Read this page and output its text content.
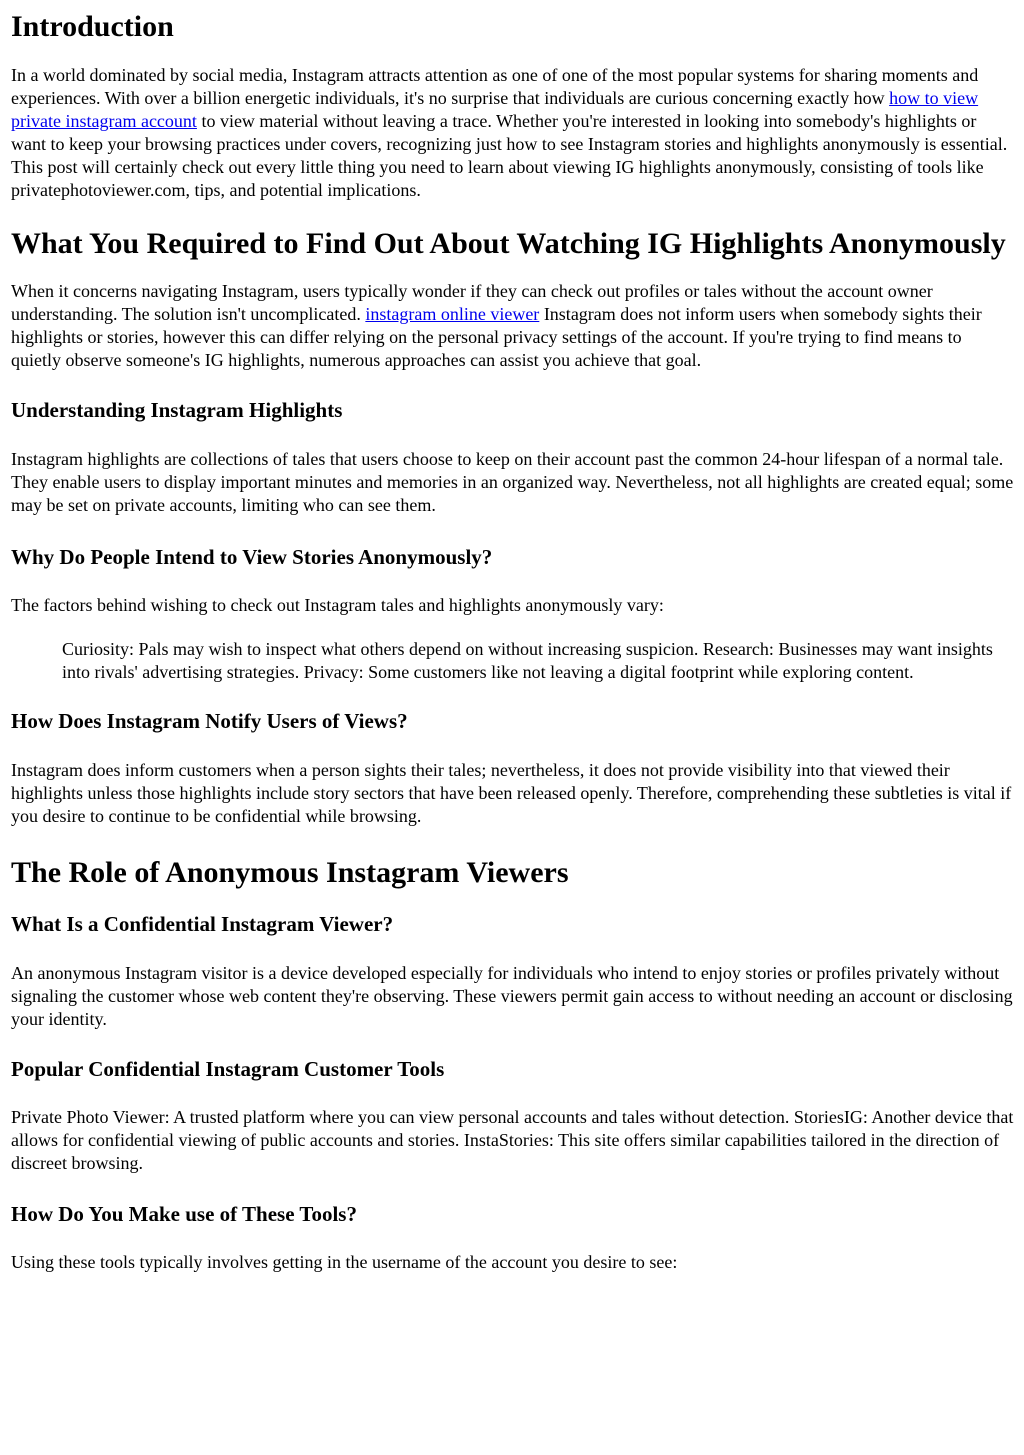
Introduction

In a world dominated by social media, Instagram attracts attention as one of one of the most popular systems for sharing moments and experiences. With over a billion energetic individuals, it's no surprise that individuals are curious concerning exactly how how to view private instagram account to view material without leaving a trace. Whether you're interested in looking into somebody's highlights or want to keep your browsing practices under covers, recognizing just how to see Instagram stories and highlights anonymously is essential. This post will certainly check out every little thing you need to learn about viewing IG highlights anonymously, consisting of tools like privatephotoviewer.com, tips, and potential implications.

What You Required to Find Out About Watching IG Highlights Anonymously

When it concerns navigating Instagram, users typically wonder if they can check out profiles or tales without the account owner understanding. The solution isn't uncomplicated. instagram online viewer Instagram does not inform users when somebody sights their highlights or stories, however this can differ relying on the personal privacy settings of the account. If you're trying to find means to quietly observe someone's IG highlights, numerous approaches can assist you achieve that goal.

Understanding Instagram Highlights

Instagram highlights are collections of tales that users choose to keep on their account past the common 24-hour lifespan of a normal tale. They enable users to display important minutes and memories in an organized way. Nevertheless, not all highlights are created equal; some may be set on private accounts, limiting who can see them.

Why Do People Intend to View Stories Anonymously?

The factors behind wishing to check out Instagram tales and highlights anonymously vary:

Curiosity: Pals may wish to inspect what others depend on without increasing suspicion. Research: Businesses may want insights into rivals' advertising strategies. Privacy: Some customers like not leaving a digital footprint while exploring content.
How Does Instagram Notify Users of Views?

Instagram does inform customers when a person sights their tales; nevertheless, it does not provide visibility into that viewed their highlights unless those highlights include story sectors that have been released openly. Therefore, comprehending these subtleties is vital if you desire to continue to be confidential while browsing.

The Role of Anonymous Instagram Viewers
What Is a Confidential Instagram Viewer?

An anonymous Instagram visitor is a device developed especially for individuals who intend to enjoy stories or profiles privately without signaling the customer whose web content they're observing. These viewers permit gain access to without needing an account or disclosing your identity.

Popular Confidential Instagram Customer Tools

Private Photo Viewer: A trusted platform where you can view personal accounts and tales without detection. StoriesIG: Another device that allows for confidential viewing of public accounts and stories. InstaStories: This site offers similar capabilities tailored in the direction of discreet browsing.

How Do You Make use of These Tools?

Using these tools typically involves getting in the username of the account you desire to see:
